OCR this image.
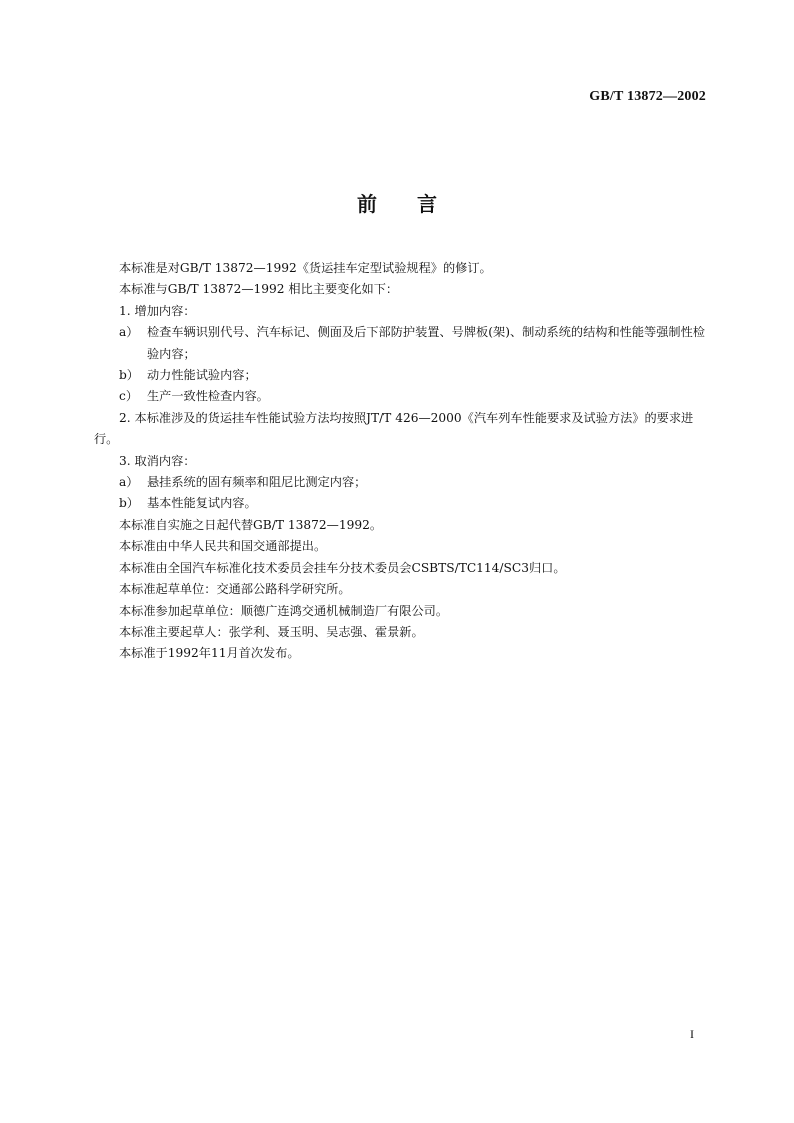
GB/T 13872—2002
前言

本标准是对GB/T 13872—1992《货运挂车定型试验规程》的修订。

本标准与GB/T 13872—1992 相比主要变化如下：

1. 增加内容：

a） 检查车辆识别代号、汽车标记、侧面及后下部防护装置、号牌板(架)、制动系统的结构和性能等强制性检验内容；
b） 动力性能试验内容；
c） 生产一致性检查内容。

2. 本标准涉及的货运挂车性能试验方法均按照JT/T 426—2000《汽车列车性能要求及试验方法》的要求进行。

3. 取消内容：

a） 悬挂系统的固有频率和阻尼比测定内容；
b） 基本性能复试内容。

本标准自实施之日起代替GB/T 13872—1992。

本标准由中华人民共和国交通部提出。

本标准由全国汽车标准化技术委员会挂车分技术委员会CSBTS/TC114/SC3归口。

本标准起草单位：交通部公路科学研究所。

本标准参加起草单位：顺德广连鸿交通机械制造厂有限公司。

本标准主要起草人：张学利、聂玉明、吴志强、霍景新。

本标准于1992年11月首次发布。

I
